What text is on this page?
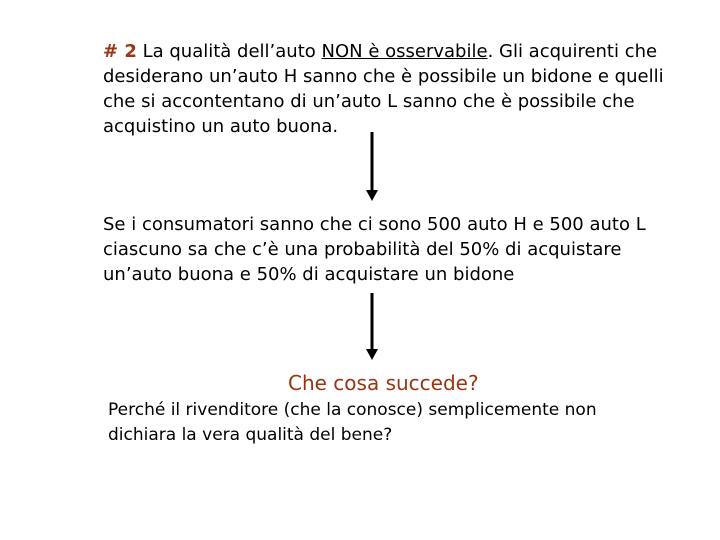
# 2 La qualità dell’auto NON è osservabile. Gli acquirenti che desiderano un’auto H sanno che è possibile un bidone e quelli che si accontentano di un’auto L sanno che è possibile che acquistino un auto buona.

Se i consumatori sanno che ci sono 500 auto H e 500 auto L ciascuno sa che c’è una probabilità del 50% di acquistare un’auto buona e 50% di acquistare un bidone

Che cosa succede?

Perché il rivenditore (che la conosce) semplicemente non dichiara la vera qualità del bene?
